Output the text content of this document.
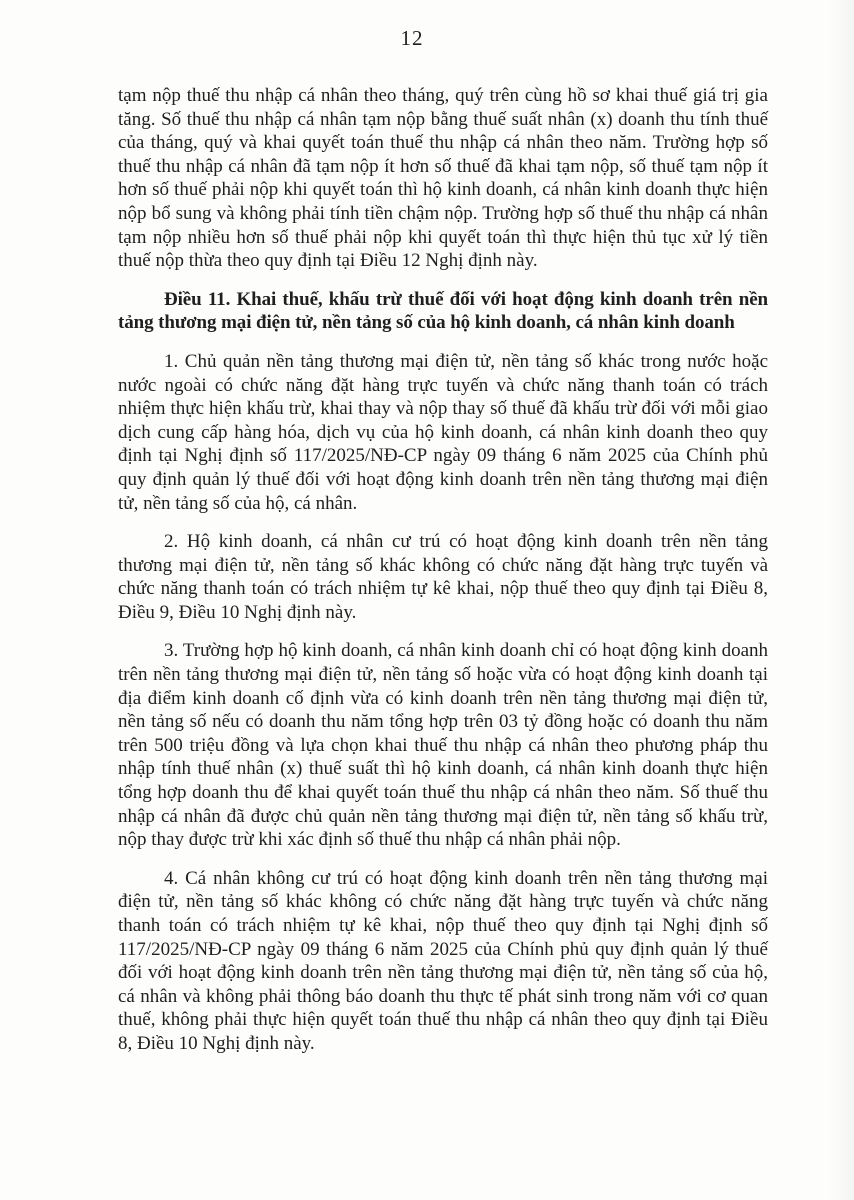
12

tạm nộp thuế thu nhập cá nhân theo tháng, quý trên cùng hồ sơ khai thuế giá trị gia tăng. Số thuế thu nhập cá nhân tạm nộp bằng thuế suất nhân (x) doanh thu tính thuế của tháng, quý và khai quyết toán thuế thu nhập cá nhân theo năm. Trường hợp số thuế thu nhập cá nhân đã tạm nộp ít hơn số thuế đã khai tạm nộp, số thuế tạm nộp ít hơn số thuế phải nộp khi quyết toán thì hộ kinh doanh, cá nhân kinh doanh thực hiện nộp bổ sung và không phải tính tiền chậm nộp. Trường hợp số thuế thu nhập cá nhân tạm nộp nhiều hơn số thuế phải nộp khi quyết toán thì thực hiện thủ tục xử lý tiền thuế nộp thừa theo quy định tại Điều 12 Nghị định này.

Điều 11. Khai thuế, khấu trừ thuế đối với hoạt động kinh doanh trên nền tảng thương mại điện tử, nền tảng số của hộ kinh doanh, cá nhân kinh doanh

1. Chủ quản nền tảng thương mại điện tử, nền tảng số khác trong nước hoặc nước ngoài có chức năng đặt hàng trực tuyến và chức năng thanh toán có trách nhiệm thực hiện khấu trừ, khai thay và nộp thay số thuế đã khấu trừ đối với mỗi giao dịch cung cấp hàng hóa, dịch vụ của hộ kinh doanh, cá nhân kinh doanh theo quy định tại Nghị định số 117/2025/NĐ-CP ngày 09 tháng 6 năm 2025 của Chính phủ quy định quản lý thuế đối với hoạt động kinh doanh trên nền tảng thương mại điện tử, nền tảng số của hộ, cá nhân.

2. Hộ kinh doanh, cá nhân cư trú có hoạt động kinh doanh trên nền tảng thương mại điện tử, nền tảng số khác không có chức năng đặt hàng trực tuyến và chức năng thanh toán có trách nhiệm tự kê khai, nộp thuế theo quy định tại Điều 8, Điều 9, Điều 10 Nghị định này.

3. Trường hợp hộ kinh doanh, cá nhân kinh doanh chỉ có hoạt động kinh doanh trên nền tảng thương mại điện tử, nền tảng số hoặc vừa có hoạt động kinh doanh tại địa điểm kinh doanh cố định vừa có kinh doanh trên nền tảng thương mại điện tử, nền tảng số nếu có doanh thu năm tổng hợp trên 03 tỷ đồng hoặc có doanh thu năm trên 500 triệu đồng và lựa chọn khai thuế thu nhập cá nhân theo phương pháp thu nhập tính thuế nhân (x) thuế suất thì hộ kinh doanh, cá nhân kinh doanh thực hiện tổng hợp doanh thu để khai quyết toán thuế thu nhập cá nhân theo năm. Số thuế thu nhập cá nhân đã được chủ quản nền tảng thương mại điện tử, nền tảng số khấu trừ, nộp thay được trừ khi xác định số thuế thu nhập cá nhân phải nộp.

4. Cá nhân không cư trú có hoạt động kinh doanh trên nền tảng thương mại điện tử, nền tảng số khác không có chức năng đặt hàng trực tuyến và chức năng thanh toán có trách nhiệm tự kê khai, nộp thuế theo quy định tại Nghị định số 117/2025/NĐ-CP ngày 09 tháng 6 năm 2025 của Chính phủ quy định quản lý thuế đối với hoạt động kinh doanh trên nền tảng thương mại điện tử, nền tảng số của hộ, cá nhân và không phải thông báo doanh thu thực tế phát sinh trong năm với cơ quan thuế, không phải thực hiện quyết toán thuế thu nhập cá nhân theo quy định tại Điều 8, Điều 10 Nghị định này.
